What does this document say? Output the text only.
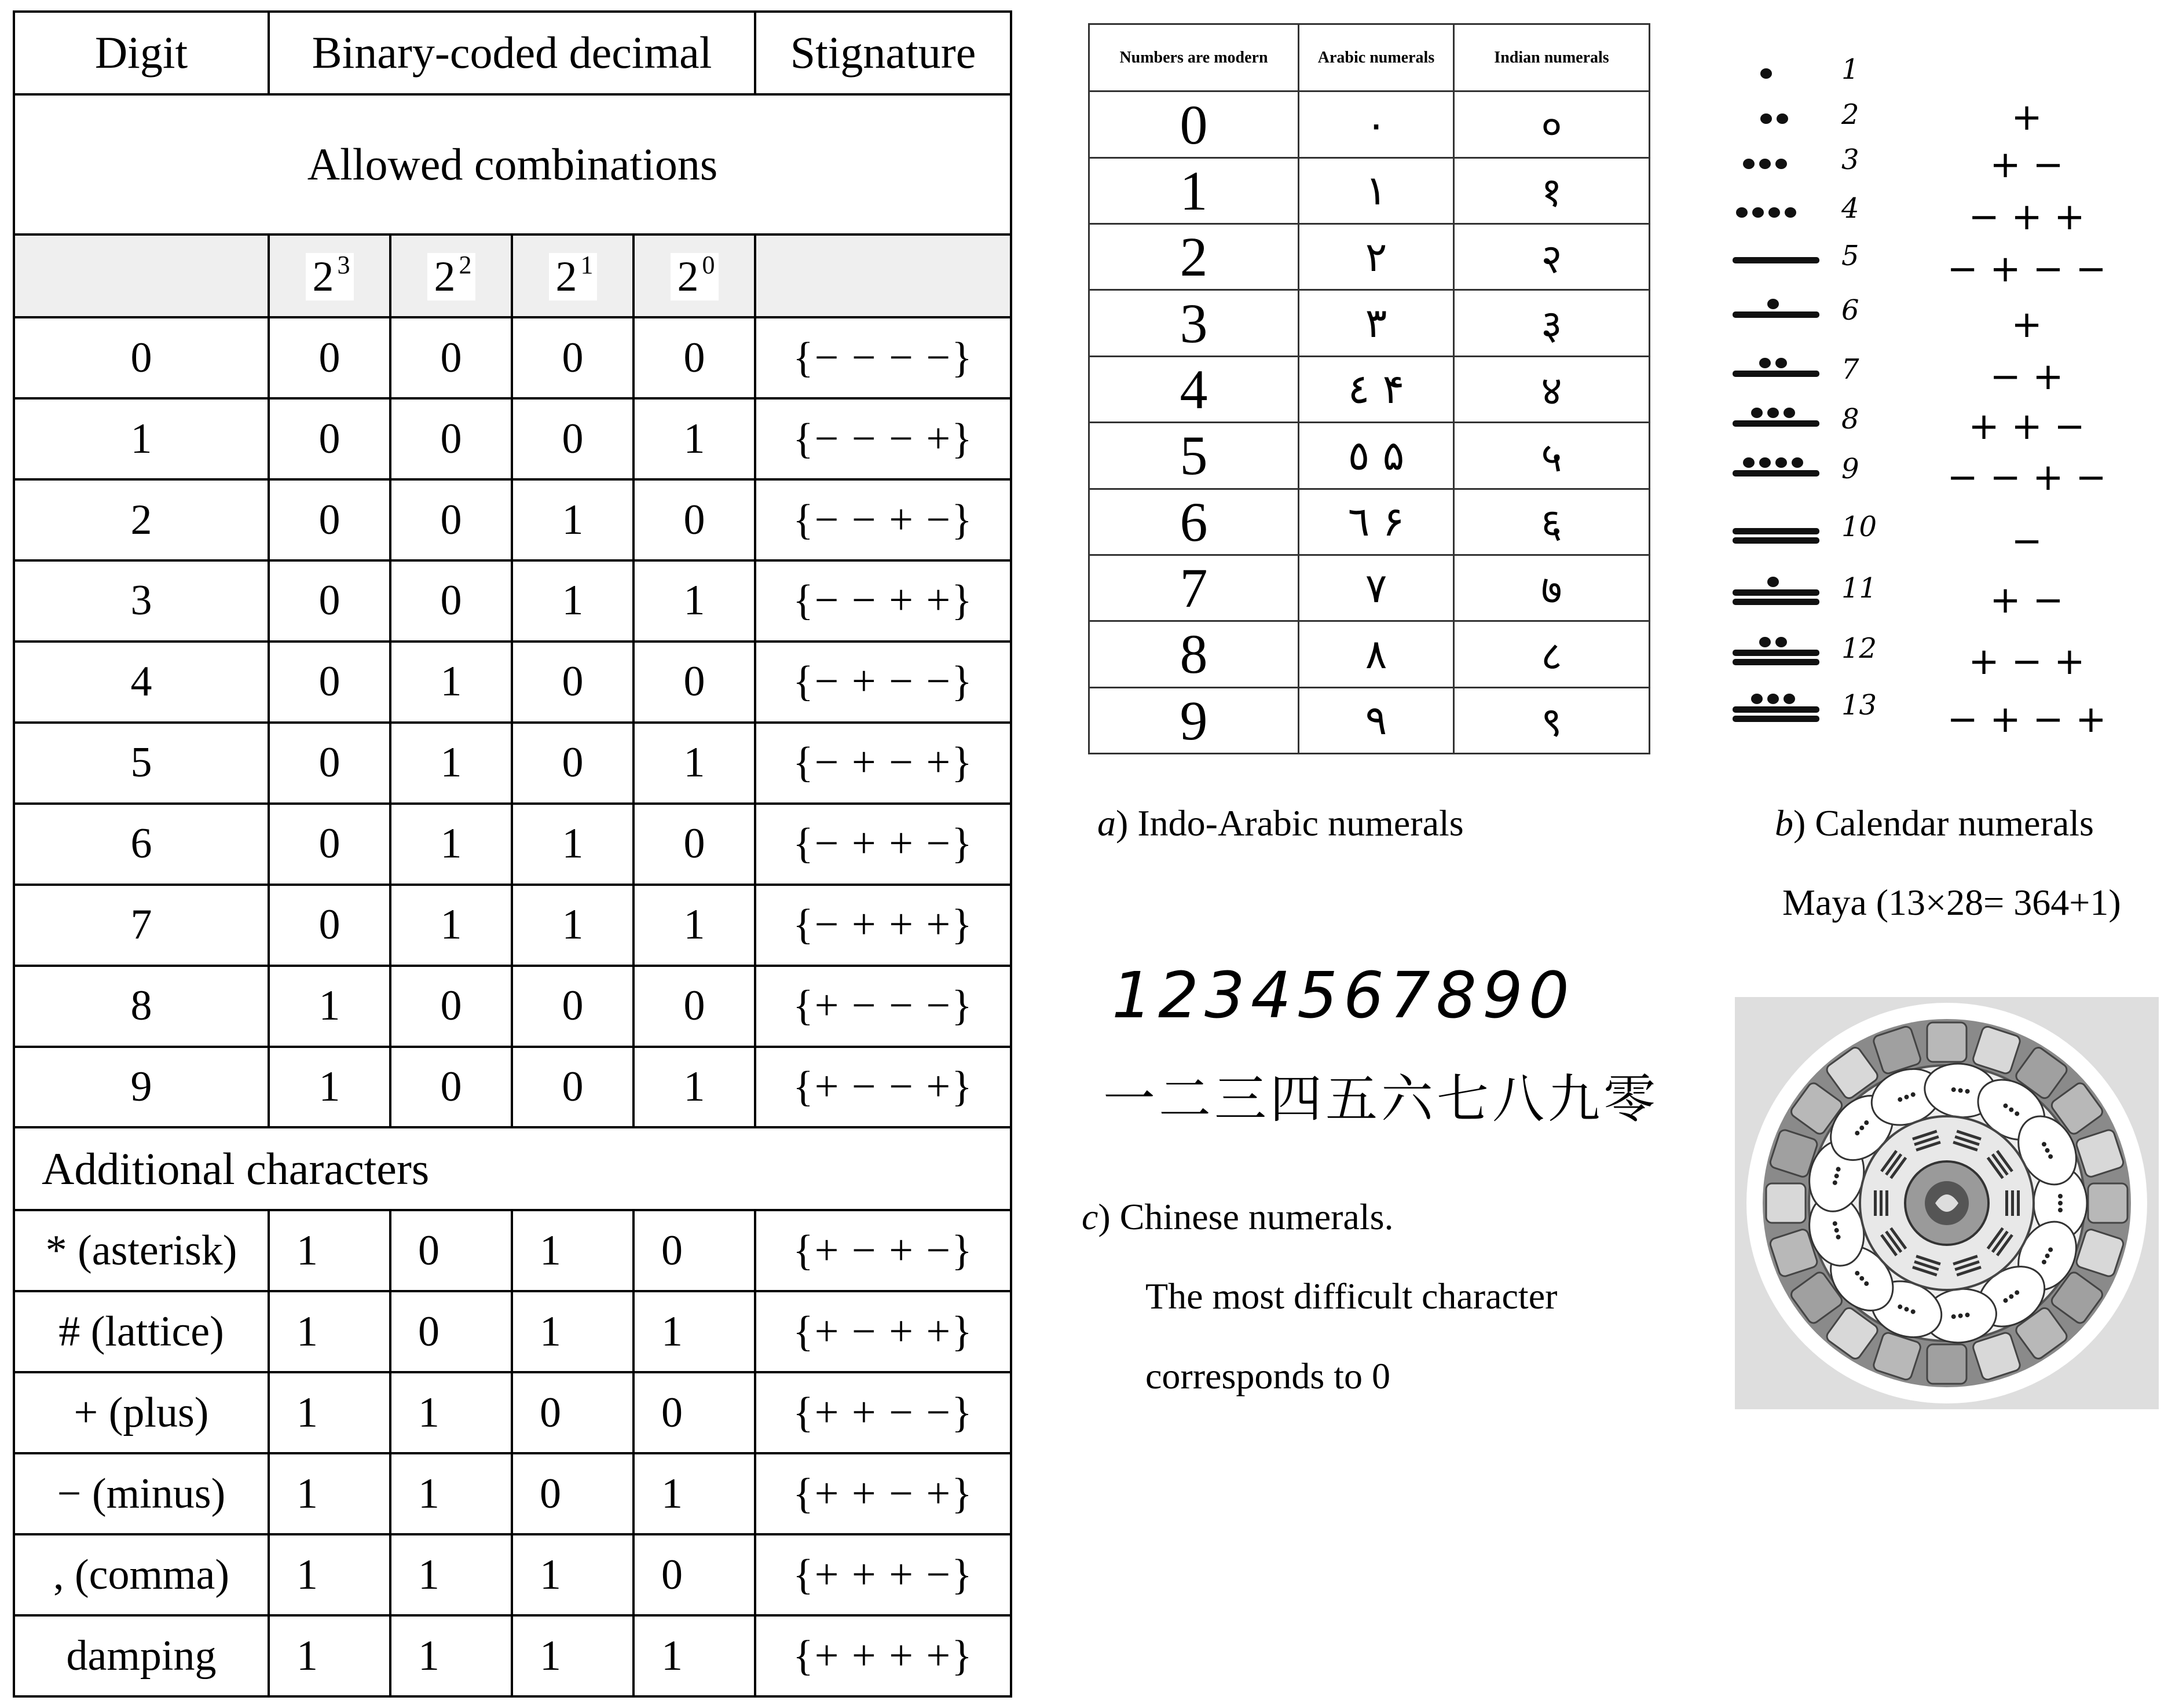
Digit	Binary-coded decimal				Stignature
Allowed combinations					
	2 $^3$	2 $^2$	2 $^1$	2 $^0$	
0	0	0	0	0	{− − − −}
1	0	0	0	1	{− − − +}
2	0	0	1	0	{− − + −}
3	0	0	1	1	{− − + +}
4	0	1	0	0	{− + − −}
5	0	1	0	1	{− + − +}
6	0	1	1	0	{− + + −}
7	0	1	1	1	{− + + +}
8	1	0	0	0	{+ − − −}
9	1	0	0	1	{+ − − +}
Additional characters					
* (asterisk)	1	0	1	0	{+ − + −}
# (lattice)	1	0	1	1	{+ − + +}
+ (plus)	1	1	0	0	{+ + − −}
− (minus)	1	1	0	1	{+ + − +}
, (comma)	1	1	1	0	{+ + + −}
damping	1	1	1	1	{+ + + +}
Numbers are modern	Arabic numerals	Indian numerals
0	٠	०
1	١	१
2	٢	२
3	٣	३
4	٤ ۴	४
5	٥ ۵	५
6	٦ ۶	६
7	٧	७
8	٨	८
9	٩	९
a) Indo-Arabic numerals
1
2	+
3	+ −
4	− + +
5	− + − −
6	+
7	− +
8	+ + −
9	− − + −
10	−
11	+ −
12	+ − +
13	− + − +
b) Calendar numerals
Maya (13×28= 364+1)
1234567890
一二三四五六七八九零
c) Chinese numerals.
The most difficult character
corresponds to 0
